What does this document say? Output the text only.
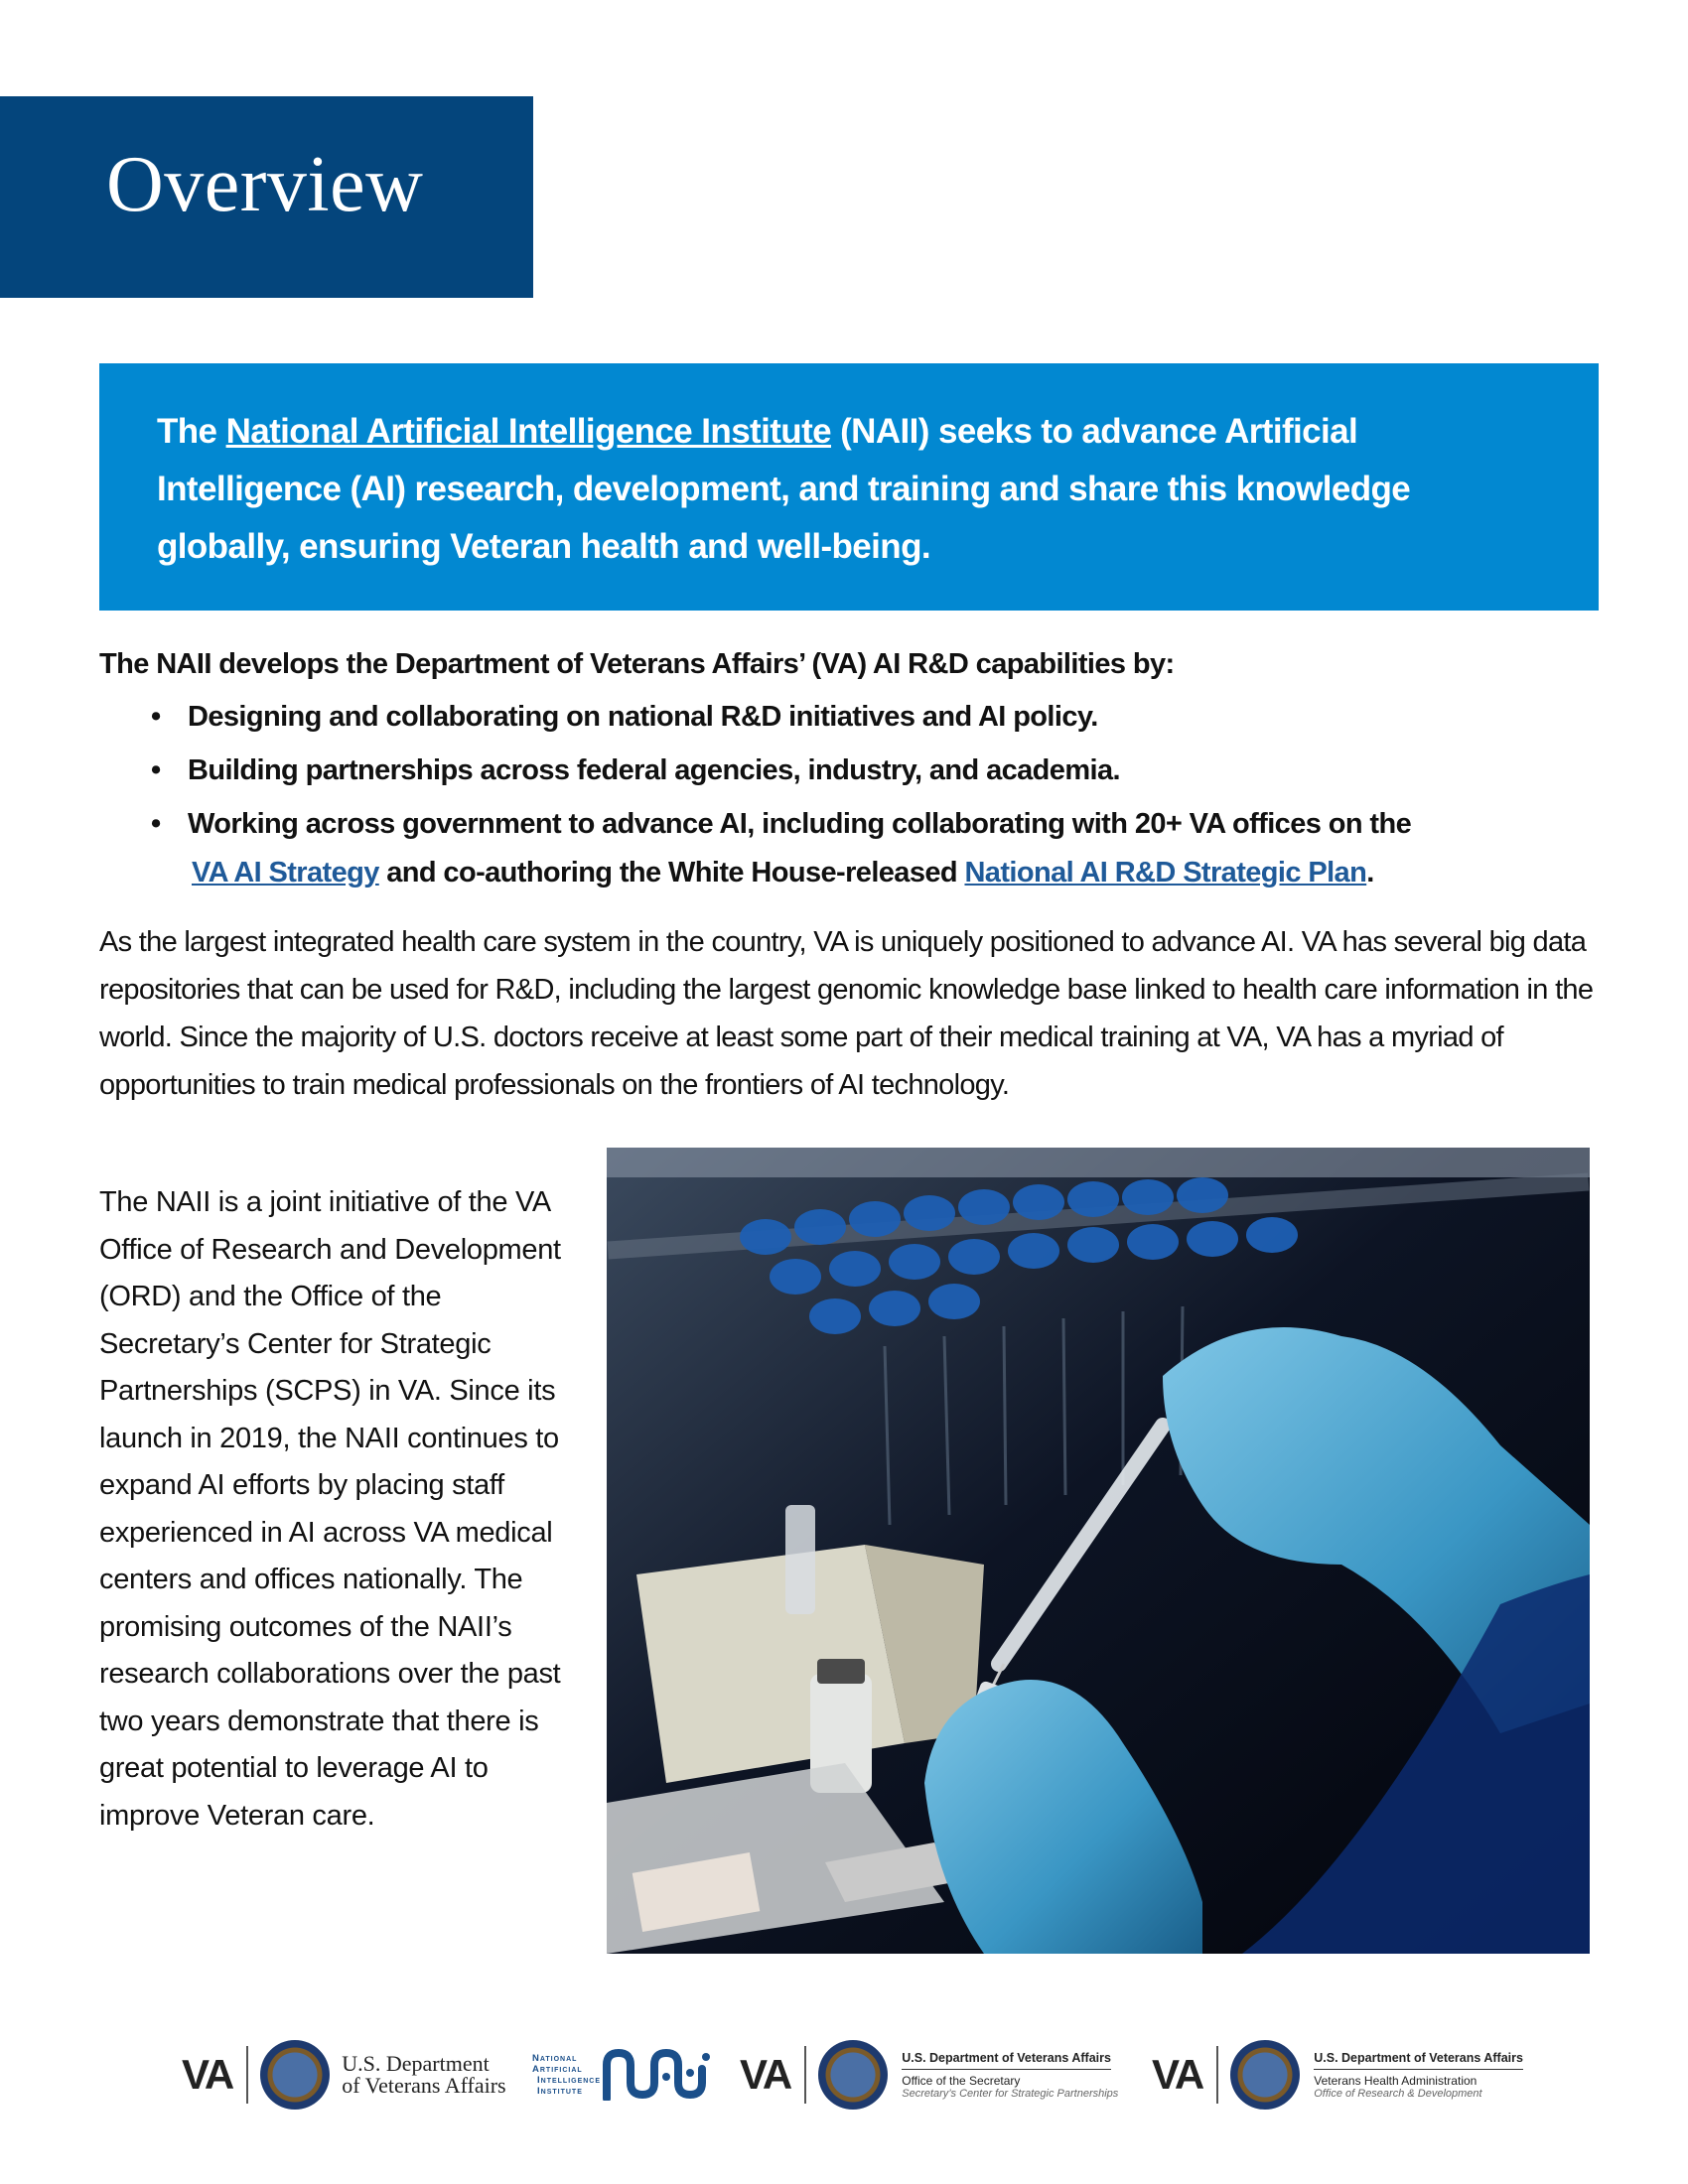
Overview

The National Artificial Intelligence Institute (NAII) seeks to advance Artificial Intelligence (AI) research, development, and training and share this knowledge globally, ensuring Veteran health and well-being.

The NAII develops the Department of Veterans Affairs’ (VA) AI R&D capabilities by:

• Designing and collaborating on national R&D initiatives and AI policy.
• Building partnerships across federal agencies, industry, and academia.
• Working across government to advance AI, including collaborating with 20+ VA offices on the
VA AI Strategy and co-authoring the White House-released National AI R&D Strategic Plan.

As the largest integrated health care system in the country, VA is uniquely positioned to advance AI. VA has several big data repositories that can be used for R&D, including the largest genomic knowledge base linked to health care information in the world. Since the majority of U.S. doctors receive at least some part of their medical training at VA, VA has a myriad of opportunities to train medical professionals on the frontiers of AI technology.

The NAII is a joint initiative of the VA Office of Research and Development (ORD) and the Office of the Secretary’s Center for Strategic Partnerships (SCPS) in VA. Since its launch in 2019, the NAII continues to expand AI efforts by placing staff experienced in AI across VA medical centers and offices nationally. The promising outcomes of the NAII’s research collaborations over the past two years demonstrate that there is great potential to leverage AI to improve Veteran care.

VA	U.S. Department
of Veterans Affairs
National
Artificial
Intelligence
Institute	VA	U.S. Department of Veterans Affairs
Office of the Secretary
Secretary’s Center for Strategic Partnerships VA	U.S. Department of Veterans Affairs
Veterans Health Administration
Office of Research & Development
